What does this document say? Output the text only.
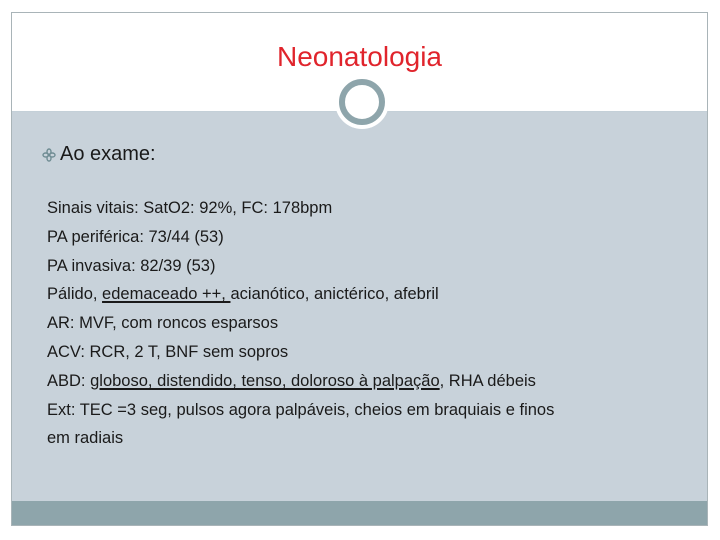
Neonatologia
Ao exame:
Sinais vitais: SatO2: 92%, FC: 178bpm
PA periférica: 73/44 (53)
PA invasiva: 82/39 (53)
Pálido, edemaceado ++, acianótico, anictérico, afebril
AR: MVF, com roncos esparsos
ACV: RCR, 2 T, BNF sem sopros
ABD: globoso, distendido, tenso, doloroso à palpação, RHA débeis
Ext: TEC =3 seg, pulsos agora palpáveis, cheios em braquiais e finos
em radiais
